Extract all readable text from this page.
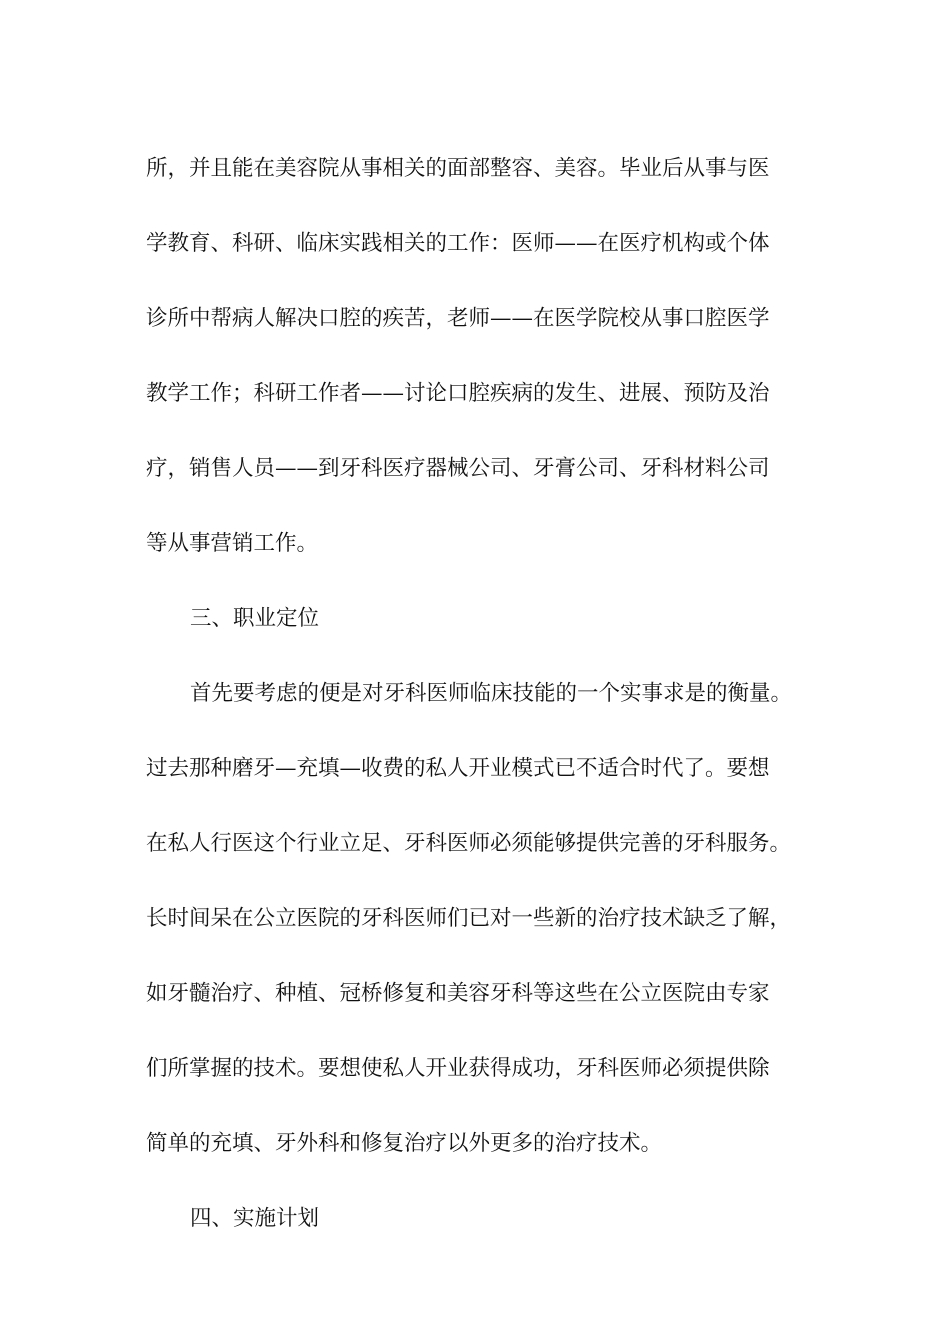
所，并且能在美容院从事相关的面部整容、美容。毕业后从事与医
学教育、科研、临床实践相关的工作：医师——在医疗机构或个体
诊所中帮病人解决口腔的疾苦，老师——在医学院校从事口腔医学
教学工作；科研工作者——讨论口腔疾病的发生、进展、预防及治
疗，销售人员——到牙科医疗器械公司、牙膏公司、牙科材料公司
等从事营销工作。
三、职业定位
首先要考虑的便是对牙科医师临床技能的一个实事求是的衡量。
过去那种磨牙—充填—收费的私人开业模式已不适合时代了。要想
在私人行医这个行业立足、牙科医师必须能够提供完善的牙科服务。
长时间呆在公立医院的牙科医师们已对一些新的治疗技术缺乏了解，
如牙髓治疗、种植、冠桥修复和美容牙科等这些在公立医院由专家
们所掌握的技术。要想使私人开业获得成功，牙科医师必须提供除
简单的充填、牙外科和修复治疗以外更多的治疗技术。
四、实施计划
